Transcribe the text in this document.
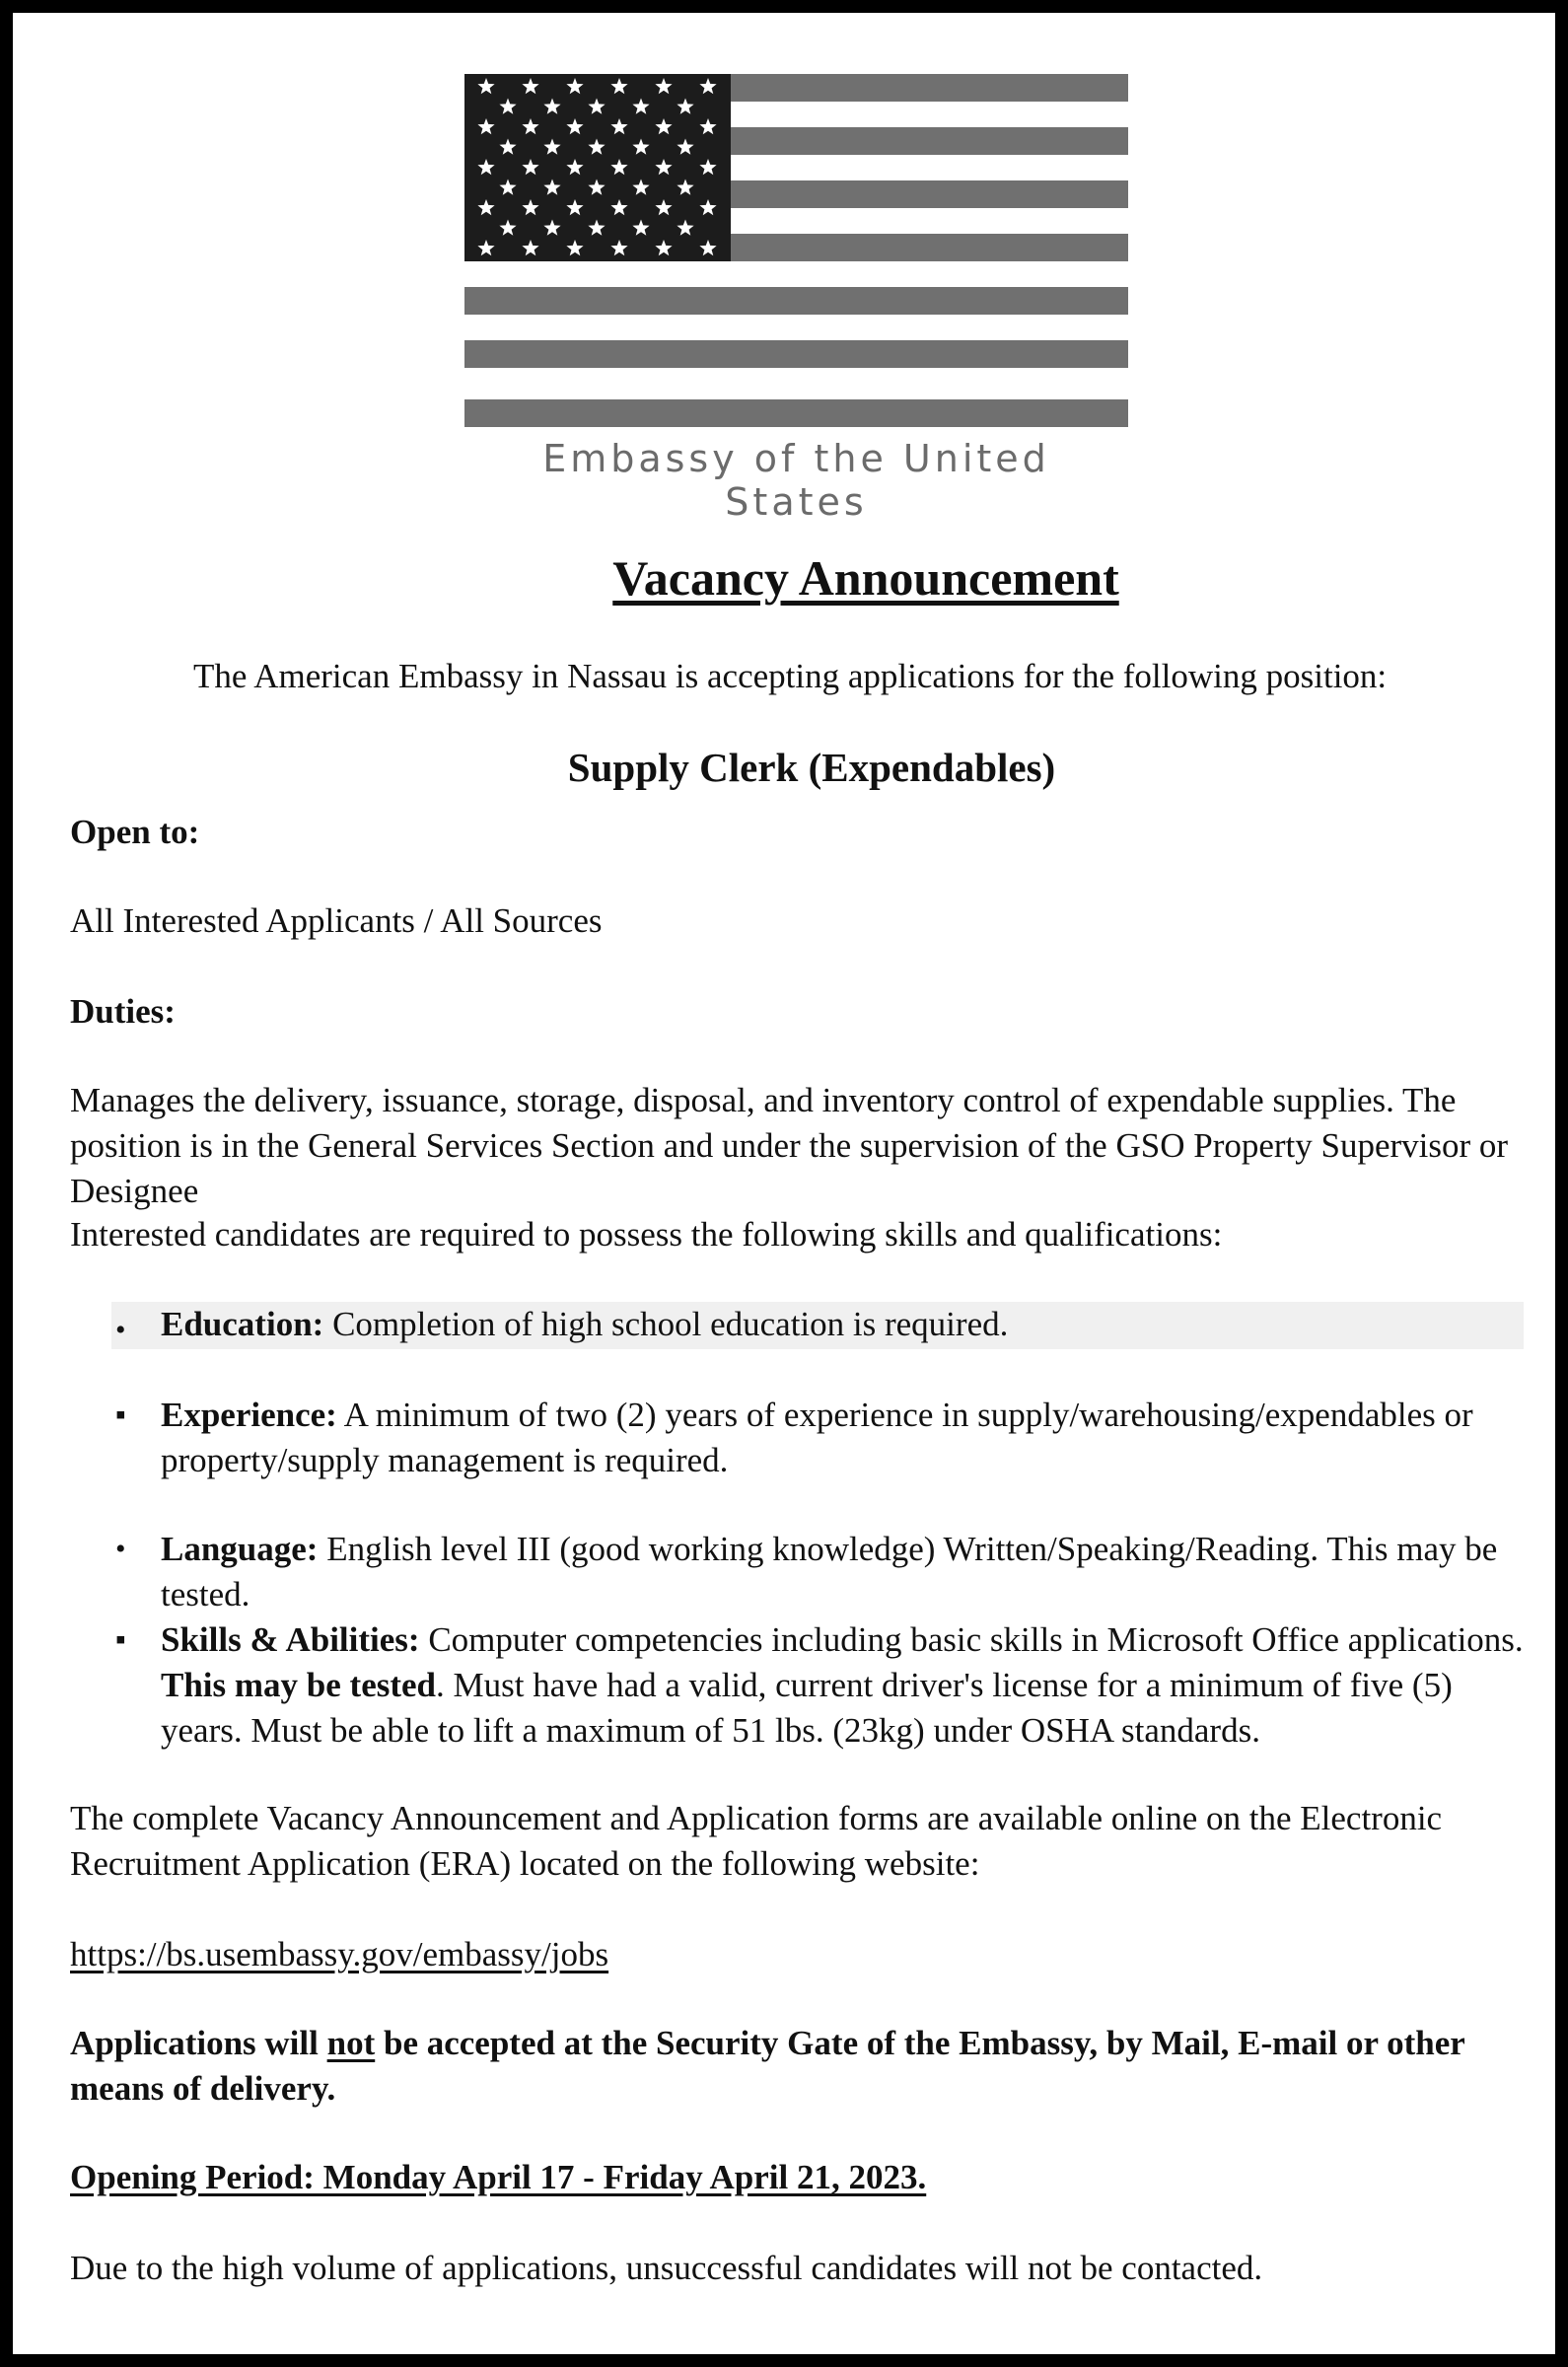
Embassy of the United States
Vacancy Announcement

The American Embassy in Nassau is accepting applications for the following position:

Supply Clerk (Expendables)

Open to:

All Interested Applicants / All Sources

Duties:

Manages the delivery, issuance, storage, disposal, and inventory control of expendable supplies. The position is in the General Services Section and under the supervision of the GSO Property Supervisor or Designee

Interested candidates are required to possess the following skills and qualifications:

• Education: Completion of high school education is required.

▪ Experience: A minimum of two (2) years of experience in supply/warehousing/expendables or property/supply management is required.

• Language: English level III (good working knowledge) Written/Speaking/Reading. This may be tested.

▪ Skills & Abilities: Computer competencies including basic skills in Microsoft Office applications. This may be tested. Must have had a valid, current driver's license for a minimum of five (5) years. Must be able to lift a maximum of 51 lbs. (23kg) under OSHA standards.

The complete Vacancy Announcement and Application forms are available online on the Electronic Recruitment Application (ERA) located on the following website:

https://bs.usembassy.gov/embassy/jobs

Applications will not be accepted at the Security Gate of the Embassy, by Mail, E-mail or other means of delivery.

Opening Period: Monday April 17 - Friday April 21, 2023.

Due to the high volume of applications, unsuccessful candidates will not be contacted.
